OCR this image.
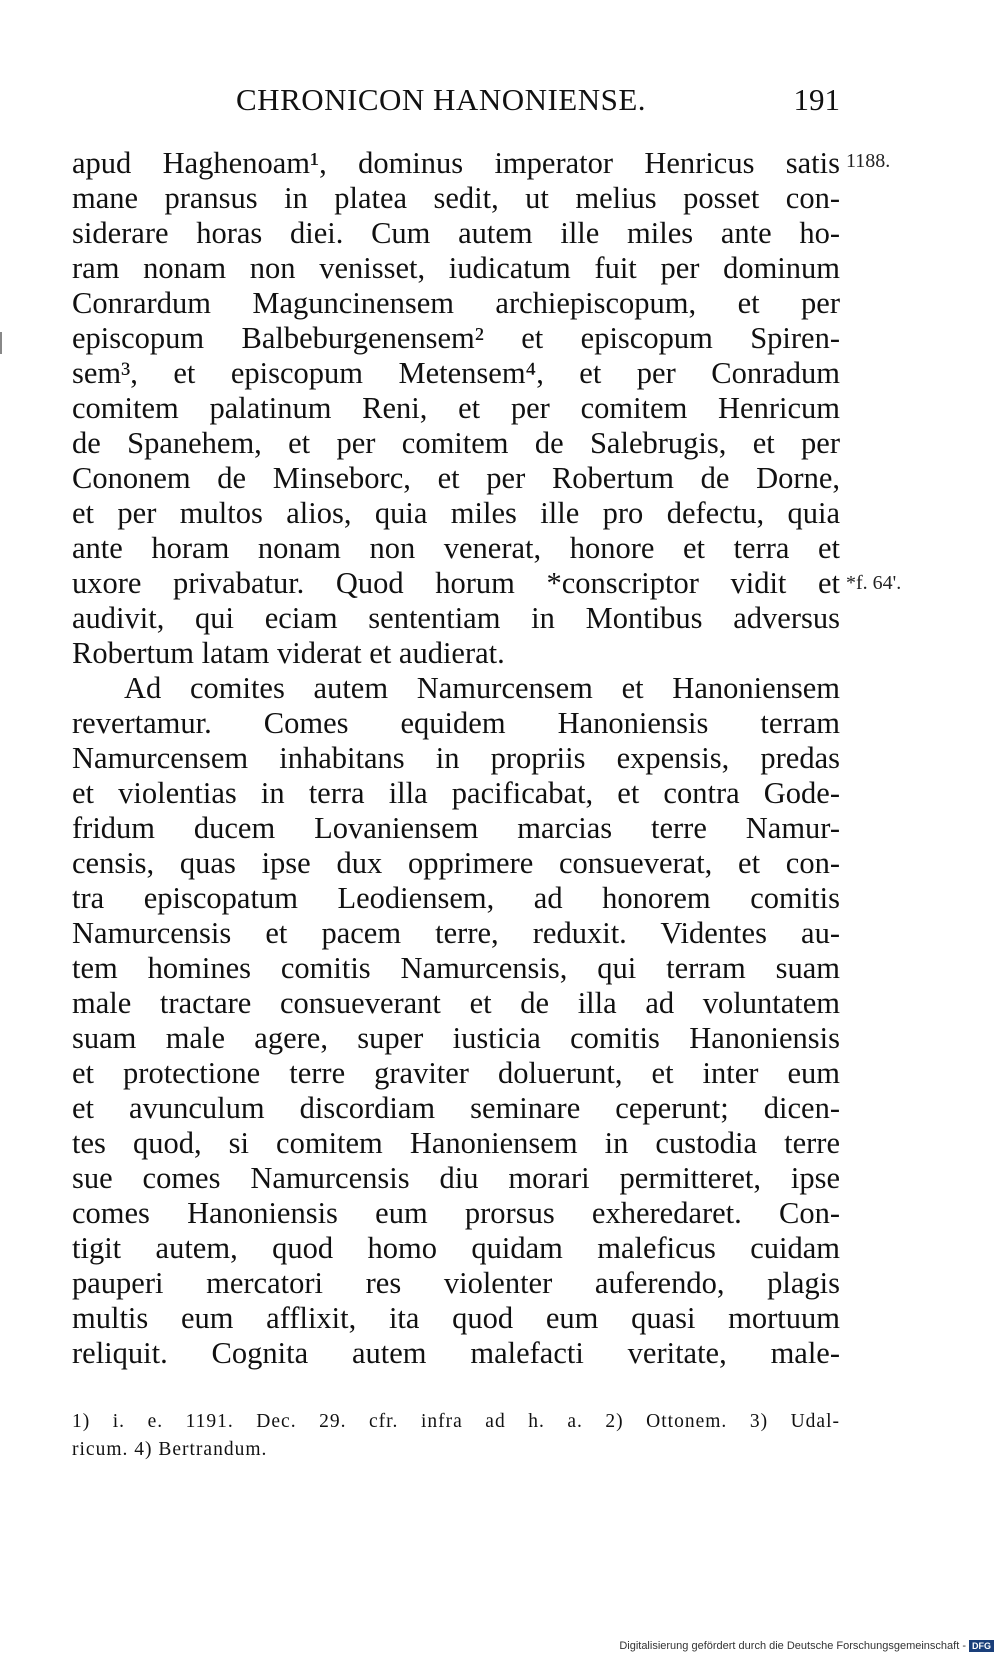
CHRONICON HANONIENSE.	191
1188.
*f. 64'.
apud Haghenoam¹, dominus imperator Henricus satis
mane pransus in platea sedit, ut melius posset con-
siderare horas diei. Cum autem ille miles ante ho-
ram nonam non venisset, iudicatum fuit per dominum
Conrardum Maguncinensem archiepiscopum, et per
episcopum Balbeburgenensem² et episcopum Spiren-
sem³, et episcopum Metensem⁴, et per Conradum
comitem palatinum Reni, et per comitem Henricum
de Spanehem, et per comitem de Salebrugis, et per
Cononem de Minseborc, et per Robertum de Dorne,
et per multos alios, quia miles ille pro defectu, quia
ante horam nonam non venerat, honore et terra et
uxore privabatur. Quod horum *conscriptor vidit et
audivit, qui eciam sententiam in Montibus adversus
Robertum latam viderat et audierat.
Ad comites autem Namurcensem et Hanoniensem
revertamur. Comes equidem Hanoniensis terram
Namurcensem inhabitans in propriis expensis, predas
et violentias in terra illa pacificabat, et contra Gode-
fridum ducem Lovaniensem marcias terre Namur-
censis, quas ipse dux opprimere consueverat, et con-
tra episcopatum Leodiensem, ad honorem comitis
Namurcensis et pacem terre, reduxit. Videntes au-
tem homines comitis Namurcensis, qui terram suam
male tractare consueverant et de illa ad voluntatem
suam male agere, super iusticia comitis Hanoniensis
et protectione terre graviter doluerunt, et inter eum
et avunculum discordiam seminare ceperunt; dicen-
tes quod, si comitem Hanoniensem in custodia terre
sue comes Namurcensis diu morari permitteret, ipse
comes Hanoniensis eum prorsus exheredaret. Con-
tigit autem, quod homo quidam maleficus cuidam
pauperi mercatori res violenter auferendo, plagis
multis eum afflixit, ita quod eum quasi mortuum
reliquit. Cognita autem malefacti veritate, male-
1) i. e. 1191. Dec. 29. cfr. infra ad h. a. 2) Ottonem. 3) Udal-
ricum. 4) Bertrandum.
Digitalisierung gefördert durch die Deutsche Forschungsgemeinschaft - DFG
